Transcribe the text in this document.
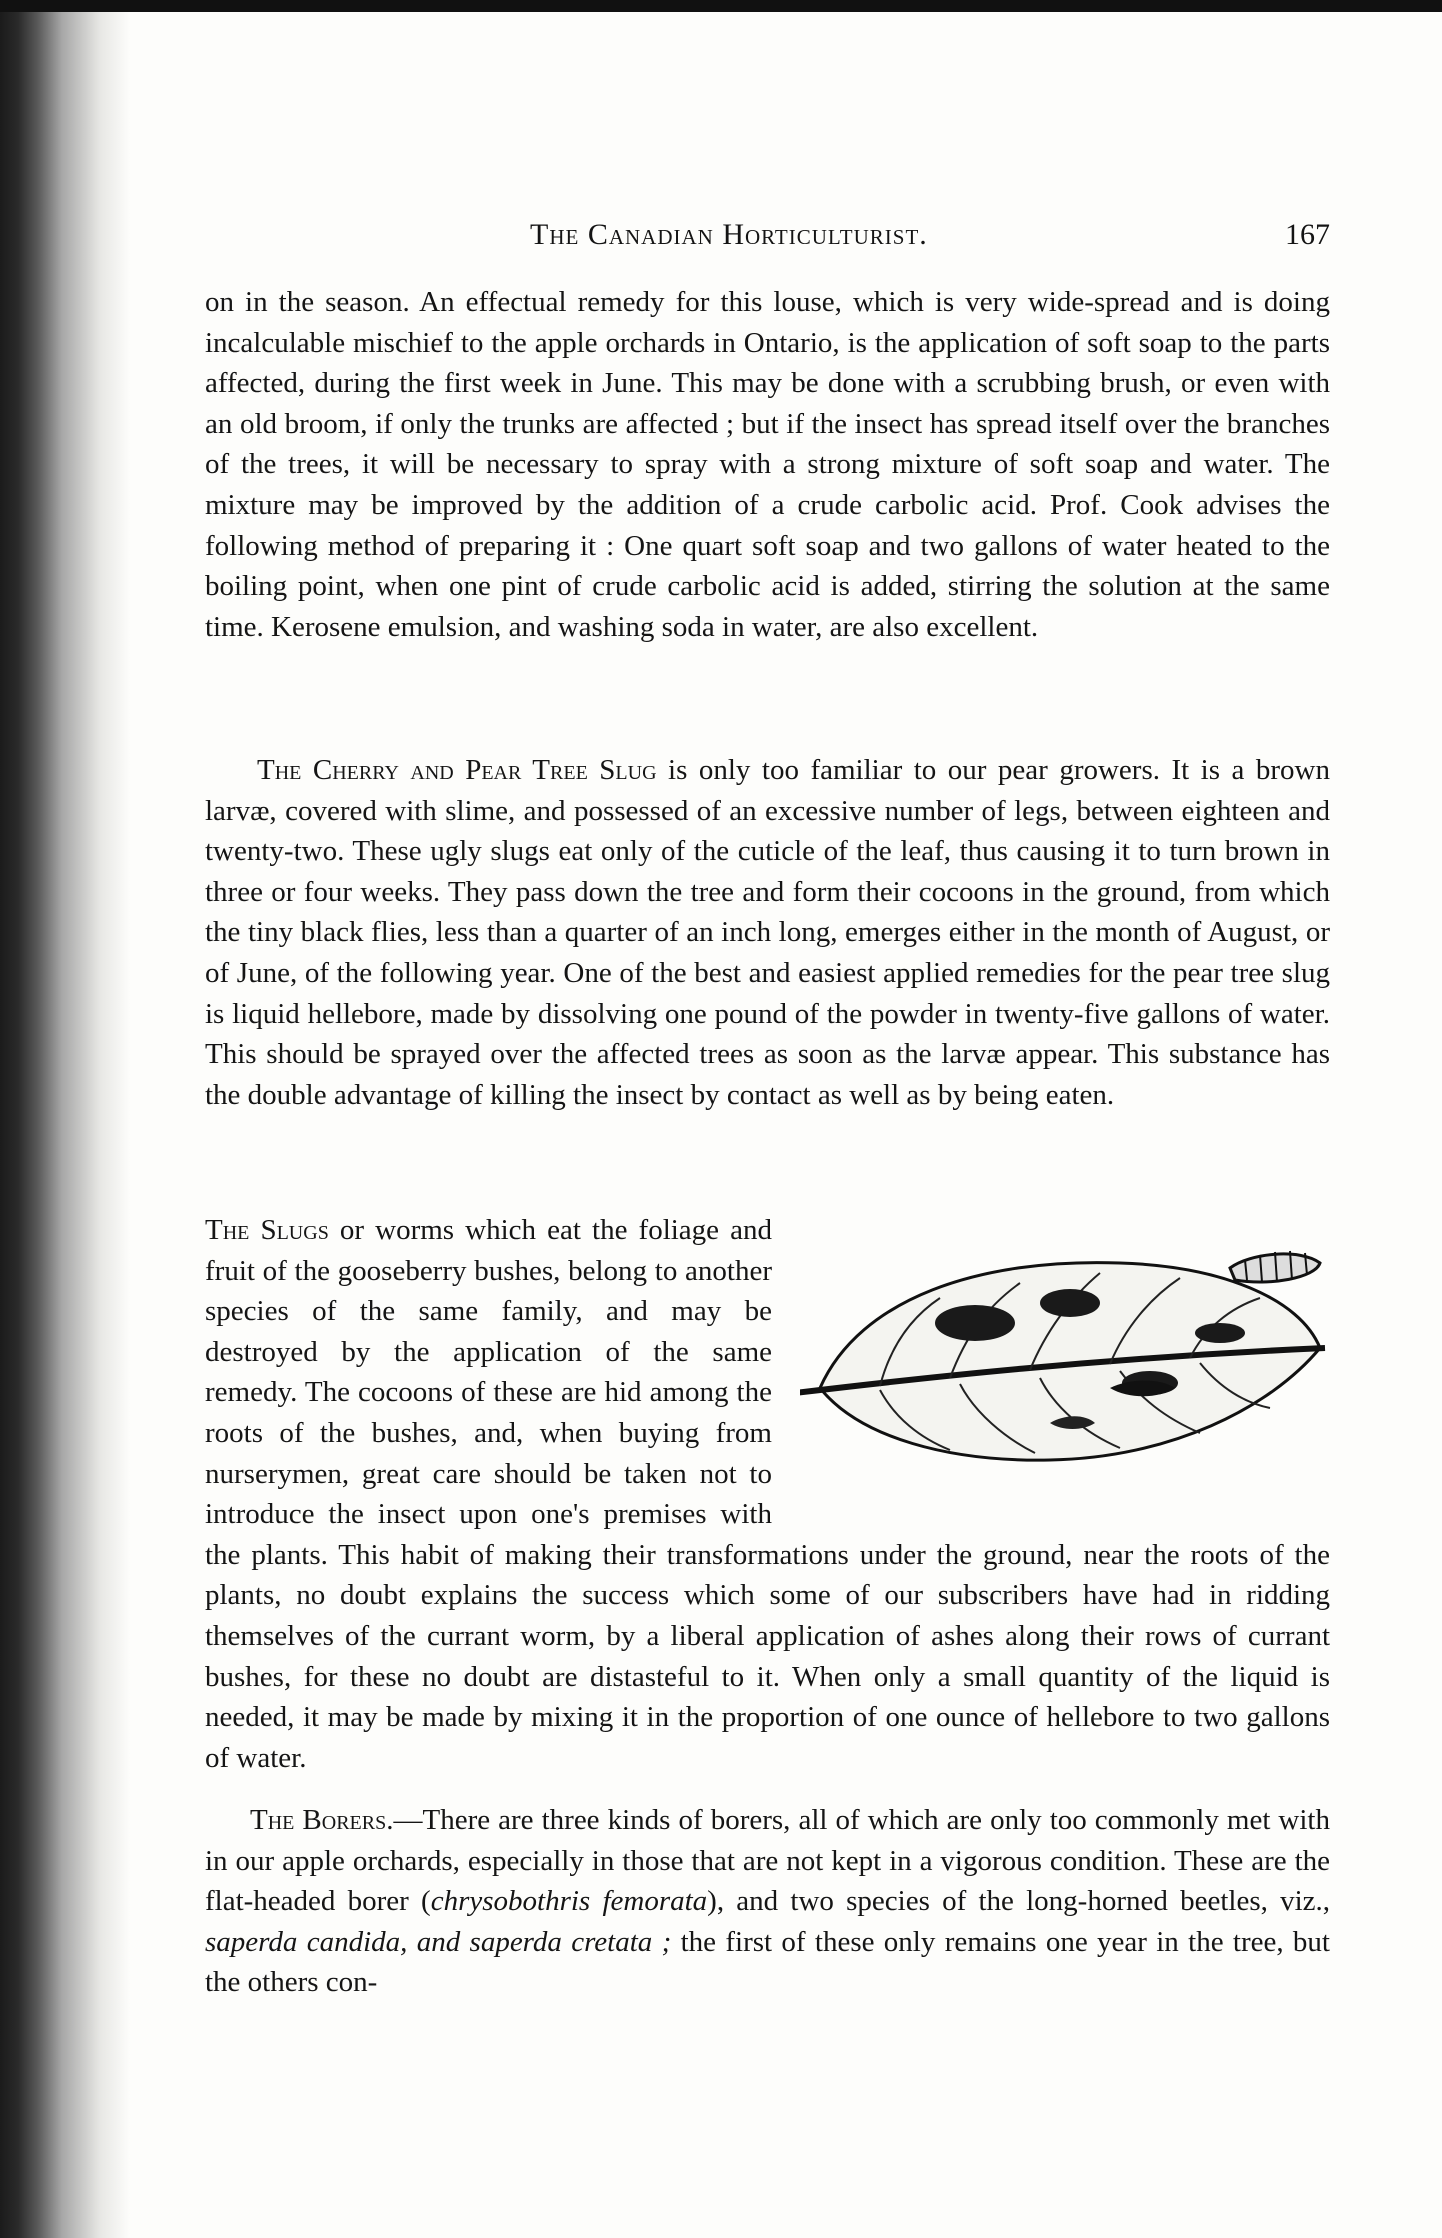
The Canadian Horticulturist.	167
on in the season. An effectual remedy for this louse, which is very wide-spread and is doing incalculable mischief to the apple orchards in Ontario, is the application of soft soap to the parts affected, during the first week in June. This may be done with a scrubbing brush, or even with an old broom, if only the trunks are affected ; but if the insect has spread itself over the branches of the trees, it will be necessary to spray with a strong mixture of soft soap and water. The mixture may be improved by the addition of a crude carbolic acid. Prof. Cook advises the following method of preparing it : One quart soft soap and two gallons of water heated to the boiling point, when one pint of crude carbolic acid is added, stirring the solution at the same time. Kerosene emulsion, and washing soda in water, are also excellent.
The Cherry and Pear Tree Slug is only too familiar to our pear growers. It is a brown larvæ, covered with slime, and possessed of an excessive number of legs, between eighteen and twenty-two. These ugly slugs eat only of the cuticle of the leaf, thus causing it to turn brown in three or four weeks. They pass down the tree and form their cocoons in the ground, from which the tiny black flies, less than a quarter of an inch long, emerges either in the month of August, or of June, of the following year. One of the best and easiest applied remedies for the pear tree slug is liquid hellebore, made by dissolving one pound of the powder in twenty-five gallons of water. This should be sprayed over the affected trees as soon as the larvæ appear. This substance has the double advantage of killing the insect by contact as well as by being eaten.
The Slugs or worms which eat the foliage and fruit of the gooseberry bushes, belong to another species of the same family, and may be destroyed by the application of the same remedy. The cocoons of these are hid among the roots of the bushes, and, when buying from nurserymen, great care should be taken not to introduce the insect upon one's premises with the plants. This habit of making their transformations under the ground, near the roots of the plants, no doubt explains the success which some of our subscribers have had in ridding themselves of the currant worm, by a liberal application of ashes along their rows of currant bushes, for these no doubt are distasteful to it. When only a small quantity of the liquid is needed, it may be made by mixing it in the proportion of one ounce of hellebore to two gallons of water.
The Borers.—There are three kinds of borers, all of which are only too commonly met with in our apple orchards, especially in those that are not kept in a vigorous condition. These are the flat-headed borer (chrysobothris femorata), and two species of the long-horned beetles, viz., saperda candida, and saperda cretata ; the first of these only remains one year in the tree, but the others con-
